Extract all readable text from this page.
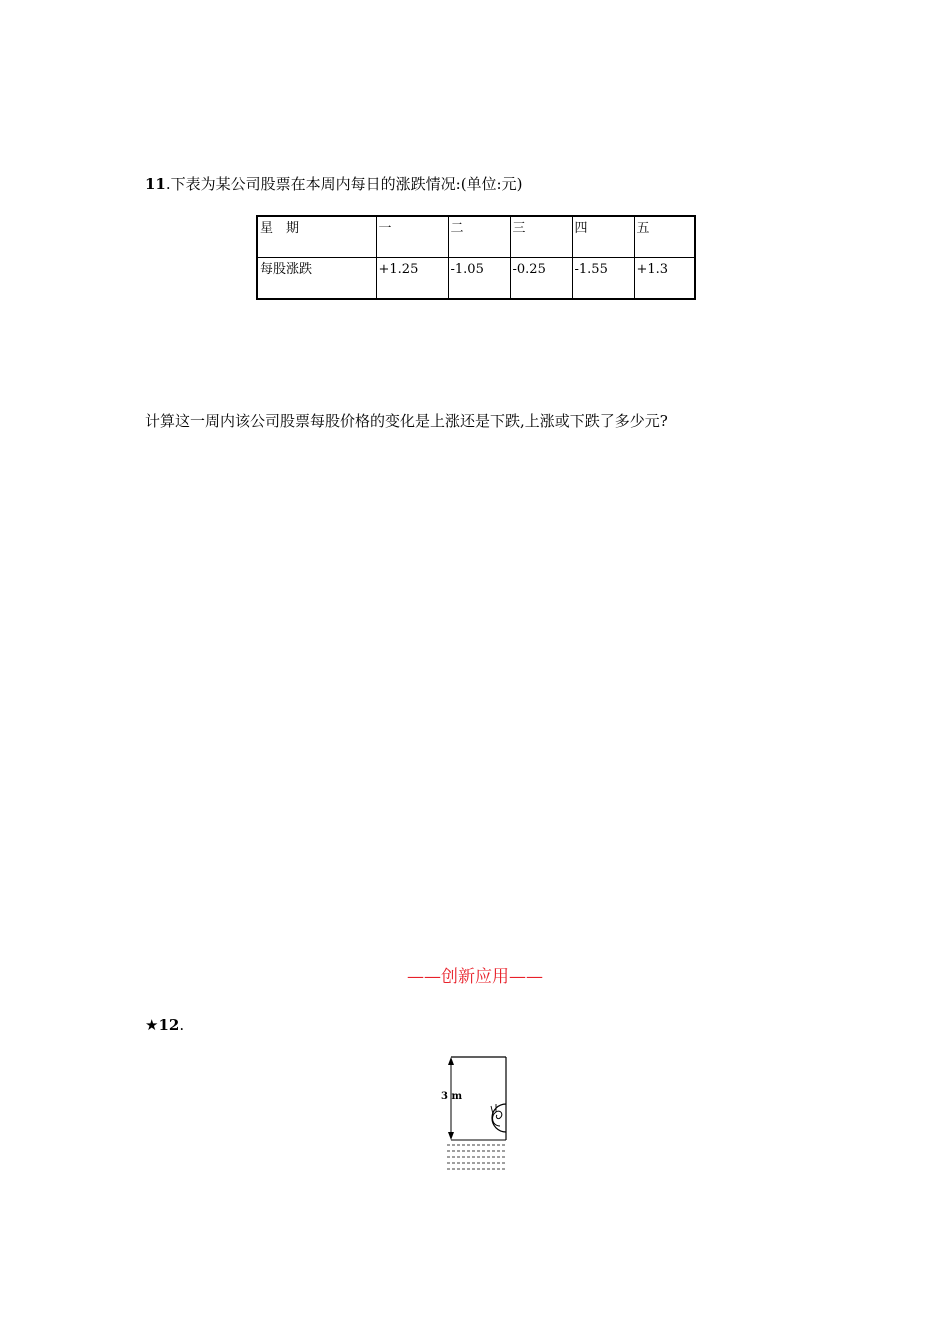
11.下表为某公司股票在本周内每日的涨跌情况:(单位:元)
星　期	一	二	三	四	五
每股涨跌	+1.25	-1.05	-0.25	-1.55	+1.3
计算这一周内该公司股票每股价格的变化是上涨还是下跌,上涨或下跌了多少元?
——创新应用——
★12.
3 m
